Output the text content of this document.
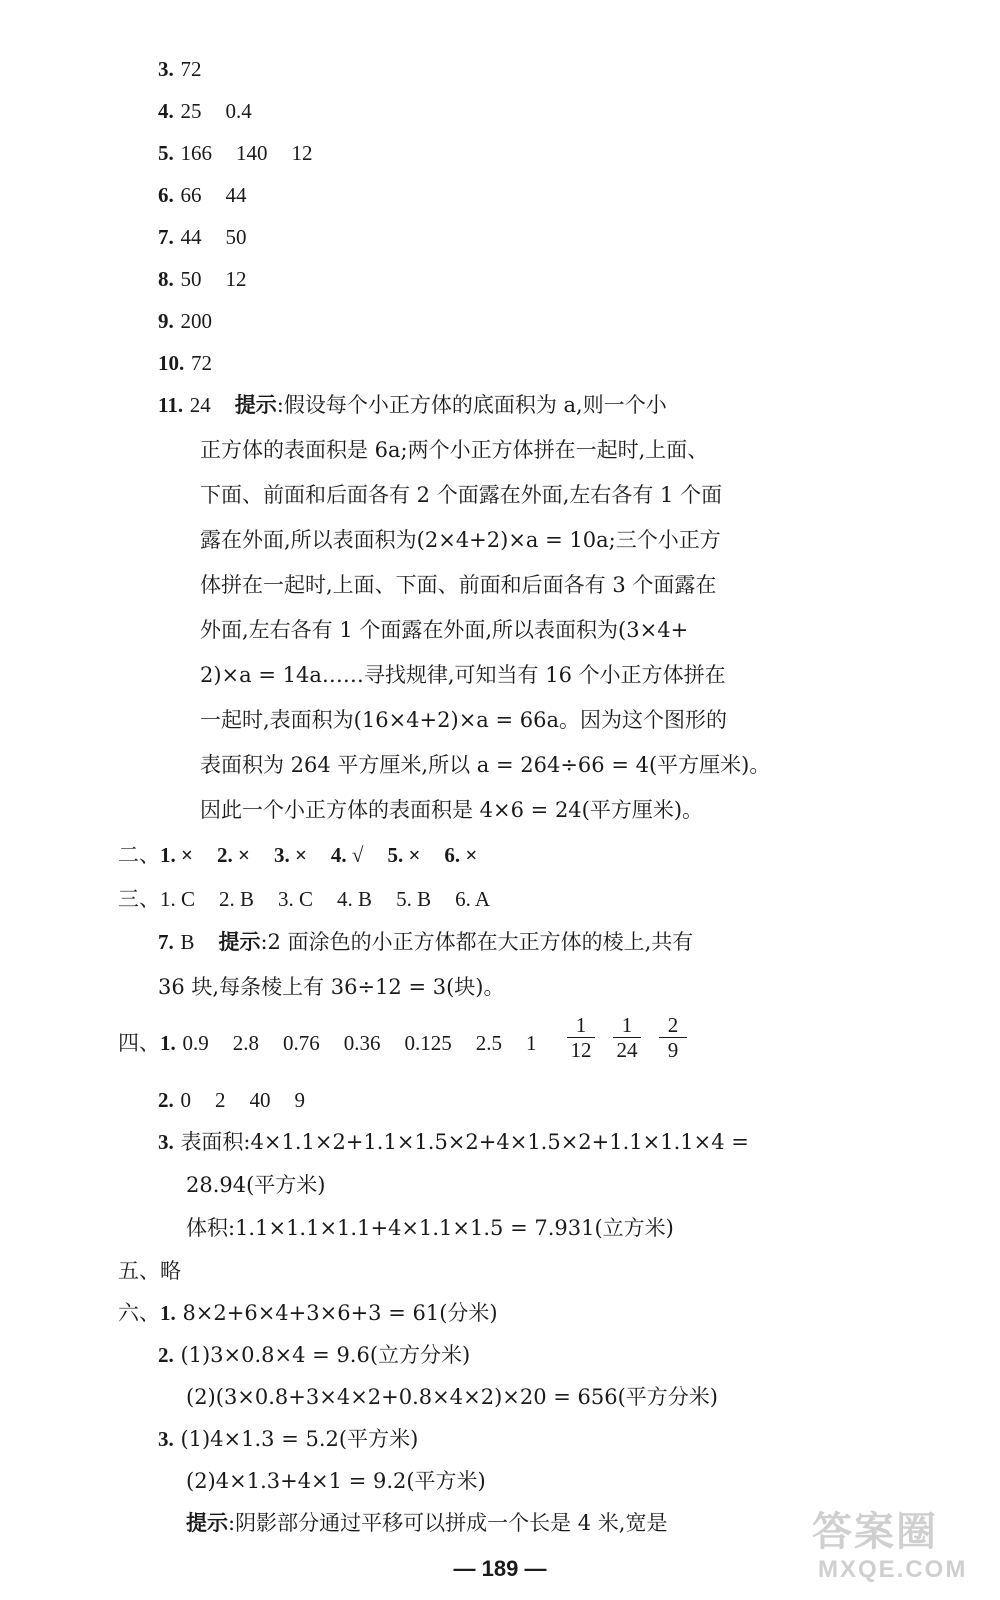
3. 72
4. 25 0.4
5. 166 140 12
6. 66 44
7. 44 50
8. 50 12
9. 200
10. 72
11. 24 提示:假设每个小正方体的底面积为 a,则一个小
正方体的表面积是 6a;两个小正方体拼在一起时,上面、
下面、前面和后面各有 2 个面露在外面,左右各有 1 个面
露在外面,所以表面积为(2×4+2)×a = 10a;三个小正方
体拼在一起时,上面、下面、前面和后面各有 3 个面露在
外面,左右各有 1 个面露在外面,所以表面积为(3×4+
2)×a = 14a……寻找规律,可知当有 16 个小正方体拼在
一起时,表面积为(16×4+2)×a = 66a。因为这个图形的
表面积为 264 平方厘米,所以 a = 264÷66 = 4(平方厘米)。
因此一个小正方体的表面积是 4×6 = 24(平方厘米)。
二、1. × 2. × 3. × 4. √ 5. × 6. ×
三、1. C 2. B 3. C 4. B 5. B 6. A
7. B 提示:2 面涂色的小正方体都在大正方体的棱上,共有
36 块,每条棱上有 36÷12 = 3(块)。
四、1. 0.9 2.8 0.76 0.36 0.125 2.5 1
1
12
1
24
2
9
2. 0 2 40 9
3. 表面积:4×1.1×2+1.1×1.5×2+4×1.5×2+1.1×1.1×4 =
28.94(平方米)
体积:1.1×1.1×1.1+4×1.1×1.5 = 7.931(立方米)
五、略
六、1. 8×2+6×4+3×6+3 = 61(分米)
2. (1)3×0.8×4 = 9.6(立方分米)
(2)(3×0.8+3×4×2+0.8×4×2)×20 = 656(平方分米)
3. (1)4×1.3 = 5.2(平方米)
(2)4×1.3+4×1 = 9.2(平方米)
提示:阴影部分通过平移可以拼成一个长是 4 米,宽是
— 189 —
答案圈
MXQE.COM
